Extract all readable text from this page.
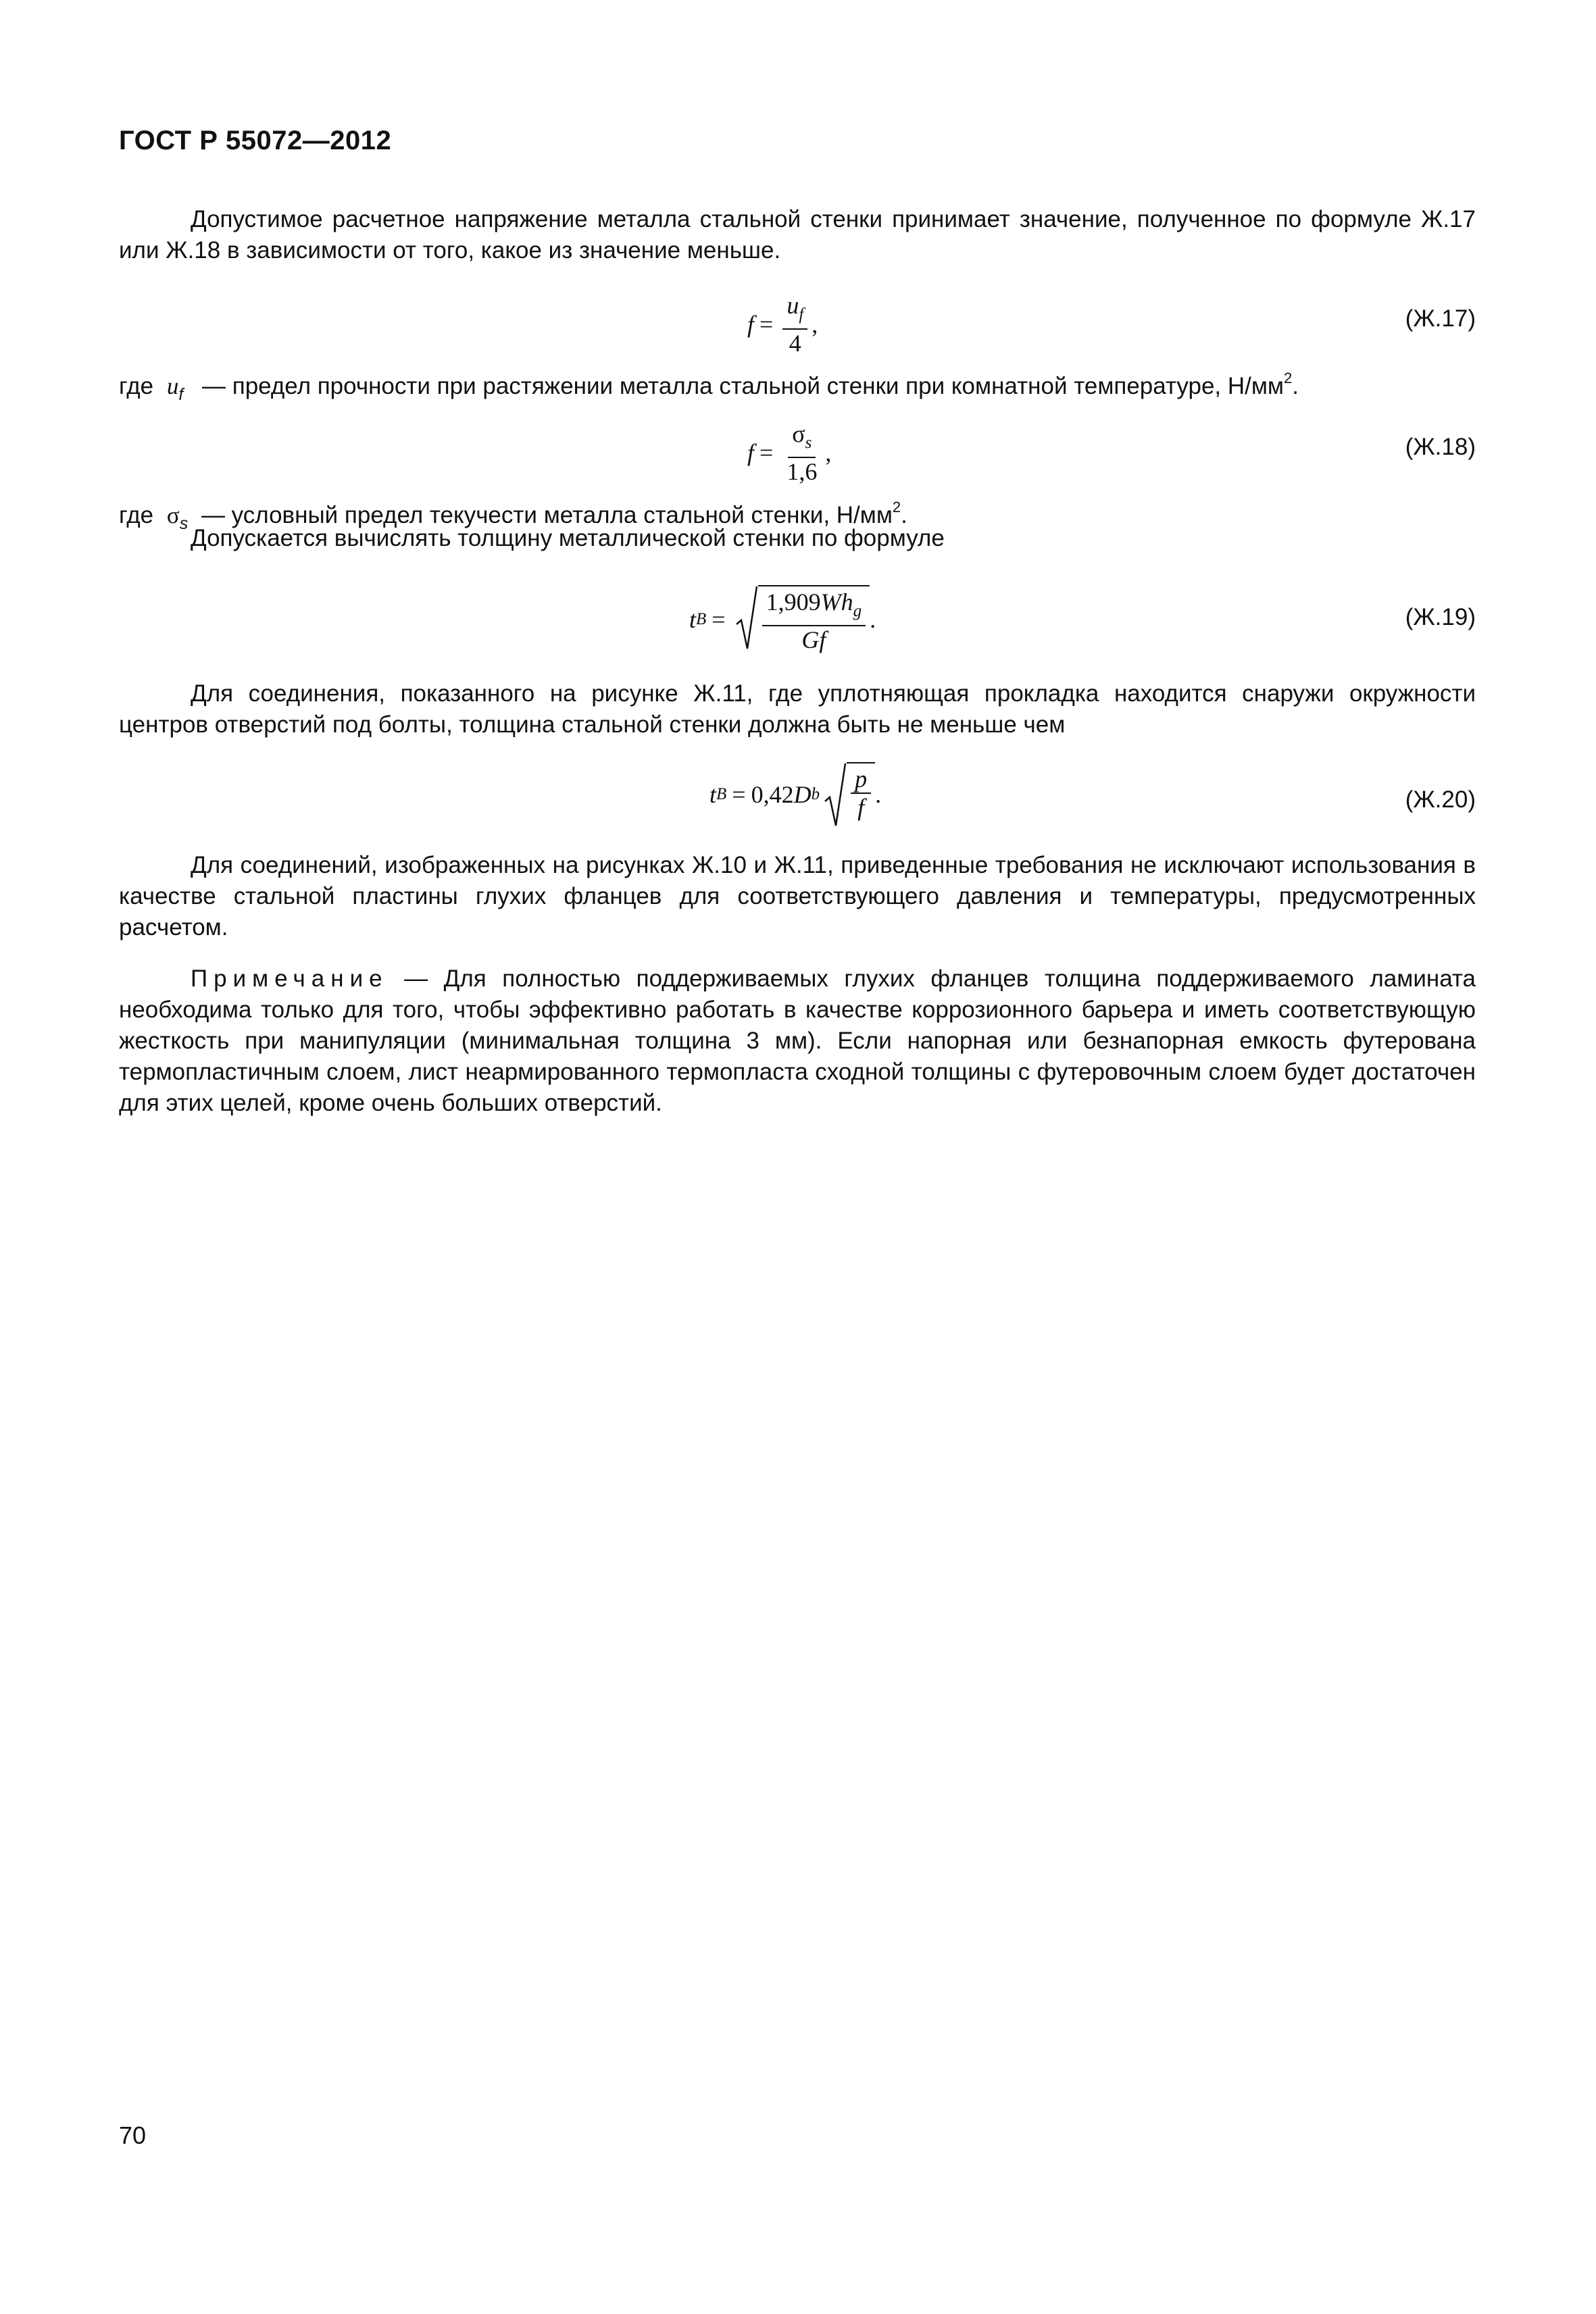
ГОСТ Р 55072—2012
Допустимое расчетное напряжение металла стальной стенки принимает значение, полученное по формуле Ж.17 или Ж.18 в зависимости от того, какое из значение меньше.
$f = \frac{u_f}{4}$ ,	(Ж.17)
где $u_f$ — предел прочности при растяжении металла стальной стенки при комнатной температуре, $Н/мм^2$.
$f = \frac{\sigma_s}{1,6}$ ,	(Ж.18)
где $\sigma_s$ — условный предел текучести металла стальной стенки, $Н/мм^2$.
Допускается вычислять толщину металлической стенки по формуле
t $B = \frac{1,909Wh_g}{Gf}$ .	(Ж.19)
Для соединения, показанного на рисунке Ж.11, где уплотняющая прокладка находится снаружи окружности центров отверстий под болты, толщина стальной стенки должна быть не меньше чем
t B = 0,42 D b $\frac{p}{f}$ .	(Ж.20)
Для соединений, изображенных на рисунках Ж.10 и Ж.11, приведенные требования не исключают использования в качестве стальной пластины глухих фланцев для соответствующего давления и температуры, предусмотренных расчетом.
Примечание — Для полностью поддерживаемых глухих фланцев толщина поддерживаемого ламината необходима только для того, чтобы эффективно работать в качестве коррозионного барьера и иметь соответствующую жесткость при манипуляции (минимальная толщина 3 мм). Если напорная или безнапорная емкость футерована термопластичным слоем, лист неармированного термопласта сходной толщины с футеровочным слоем будет достаточен для этих целей, кроме очень больших отверстий.
70
